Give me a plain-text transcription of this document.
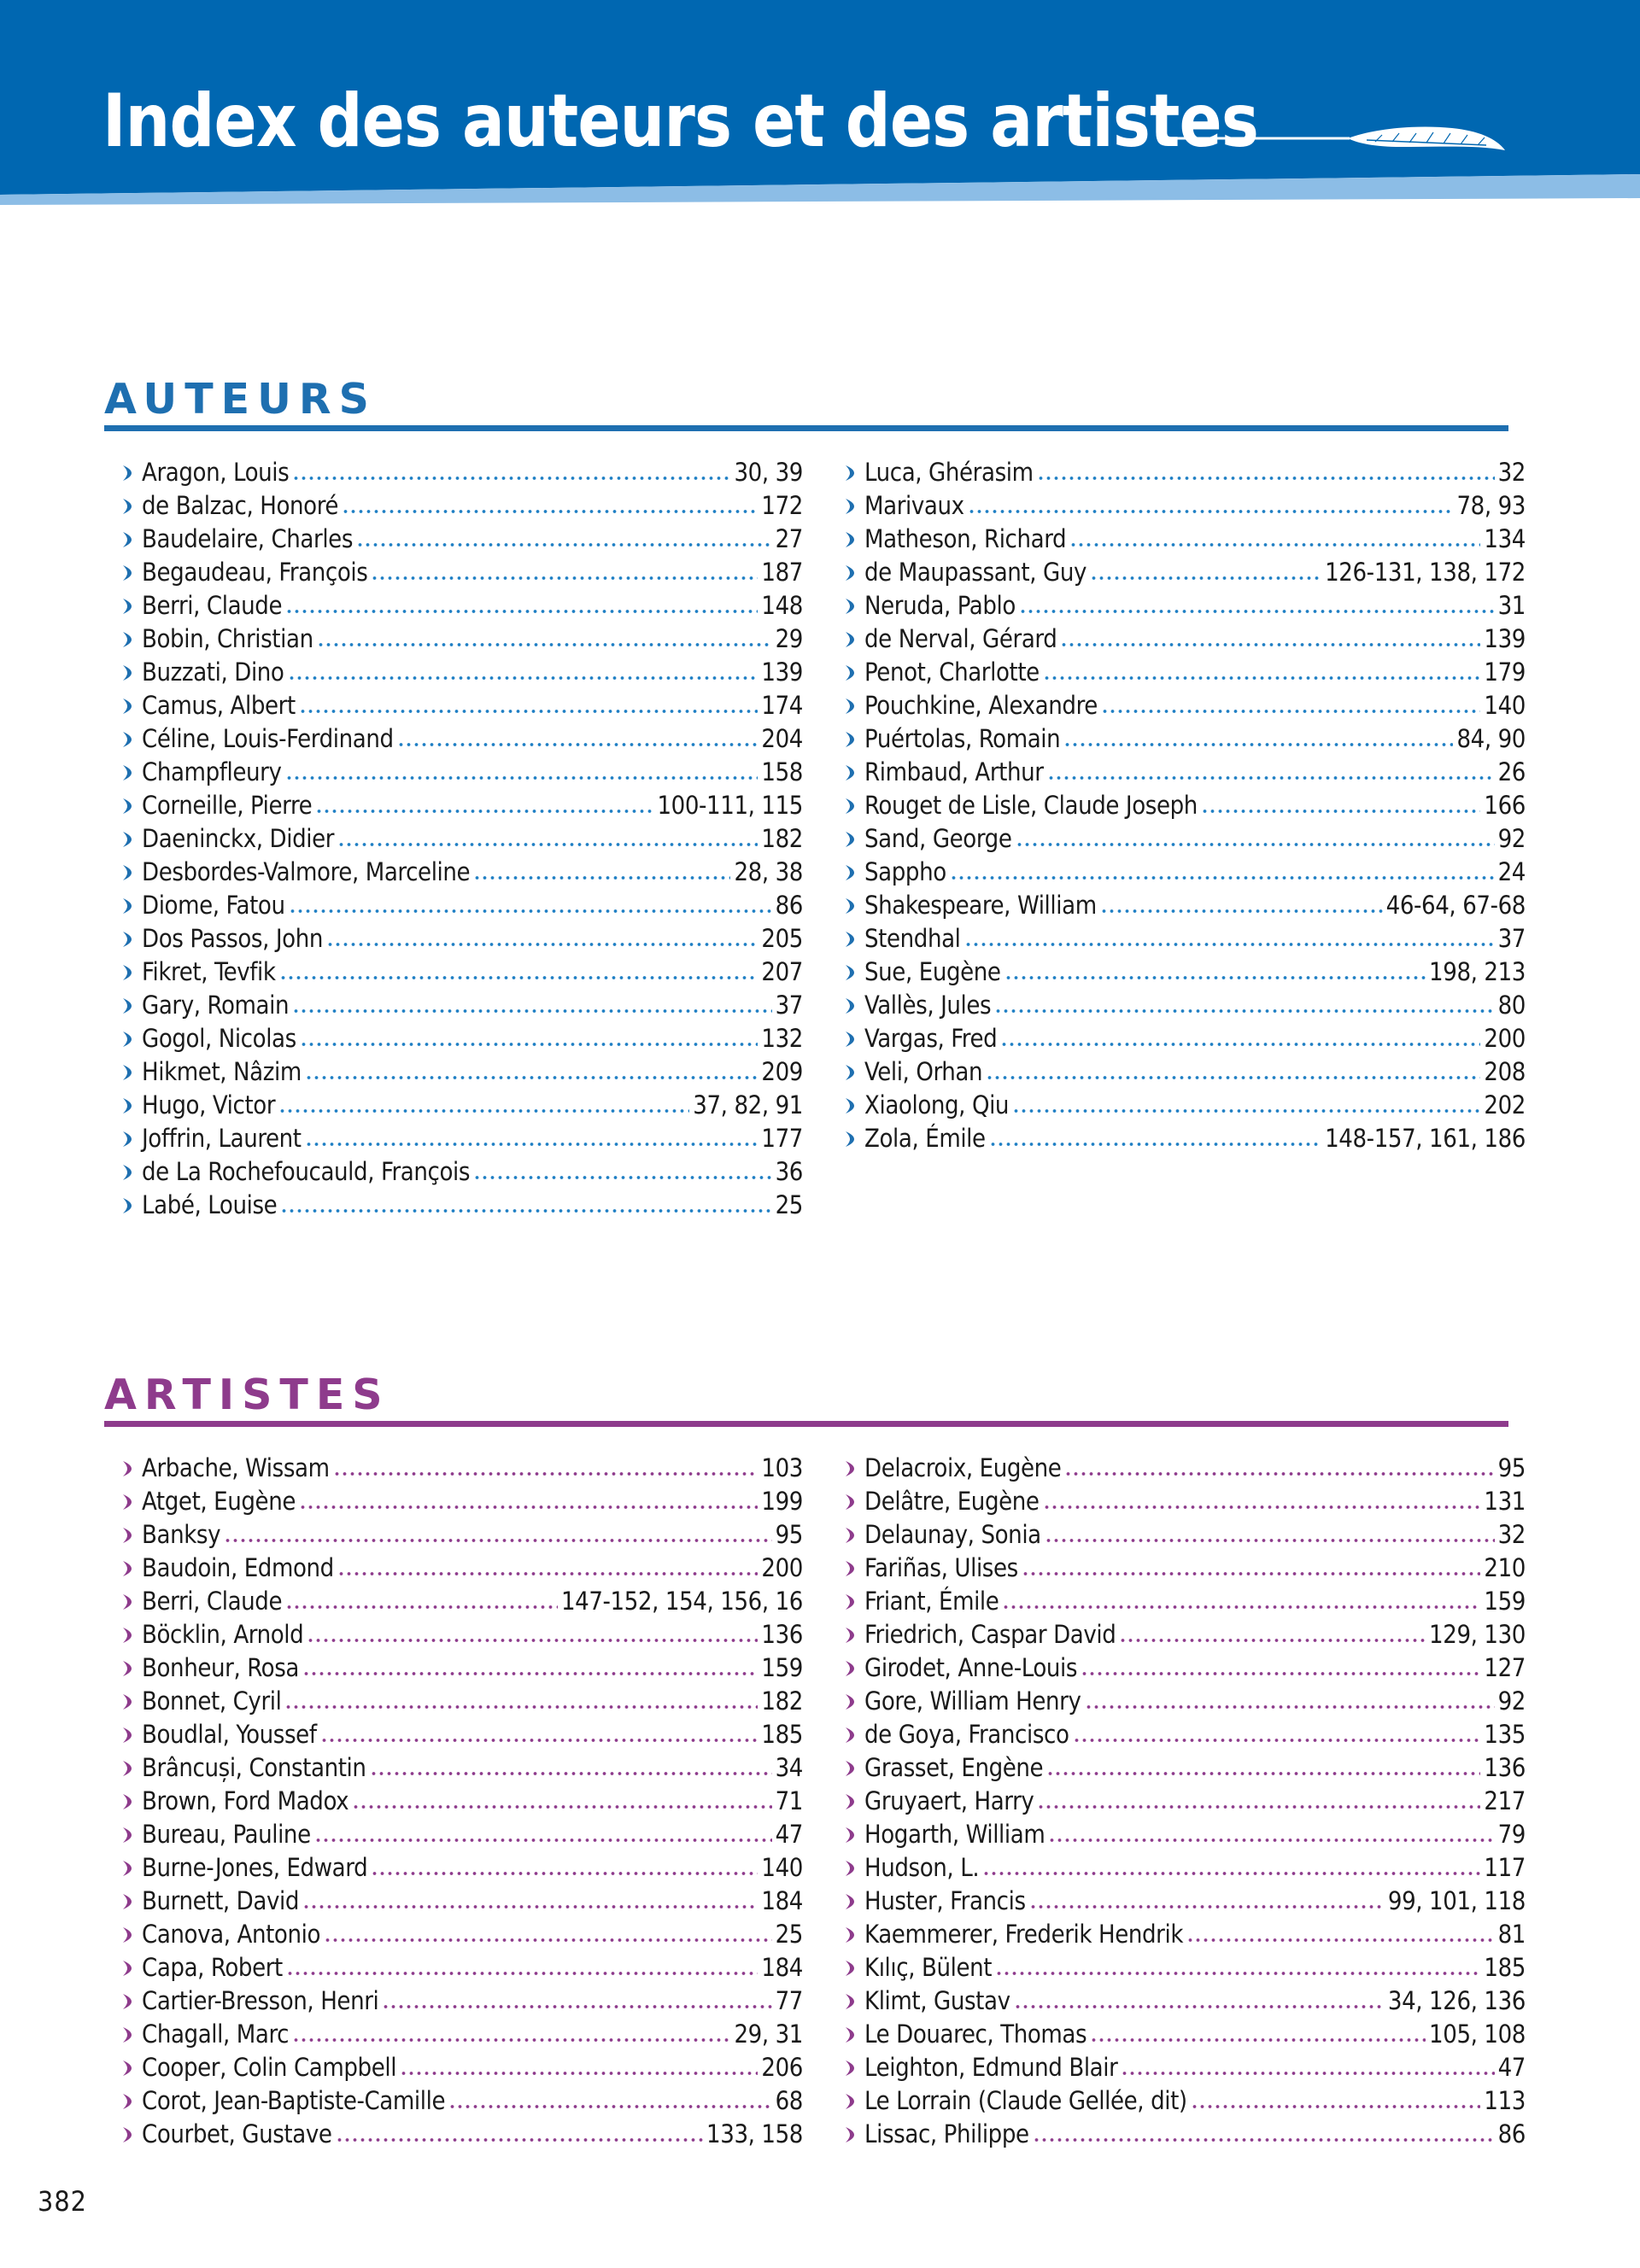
Index des auteurs et des artistes
AUTEURS
Aragon, Louis	30, 39
de Balzac, Honoré	172
Baudelaire, Charles	27
Begaudeau, François	187
Berri, Claude	148
Bobin, Christian	29
Buzzati, Dino	139
Camus, Albert	174
Céline, Louis-Ferdinand	204
Champfleury	158
Corneille, Pierre	100-111, 115
Daeninckx, Didier	182
Desbordes-Valmore, Marceline	28, 38
Diome, Fatou	86
Dos Passos, John	205
Fikret, Tevfik	207
Gary, Romain	37
Gogol, Nicolas	132
Hikmet, Nâzim	209
Hugo, Victor	37, 82, 91
Joffrin, Laurent	177
de La Rochefoucauld, François	36
Labé, Louise	25
Luca, Ghérasim	32
Marivaux	78, 93
Matheson, Richard	134
de Maupassant, Guy	126-131, 138, 172
Neruda, Pablo	31
de Nerval, Gérard	139
Penot, Charlotte	179
Pouchkine, Alexandre	140
Puértolas, Romain	84, 90
Rimbaud, Arthur	26
Rouget de Lisle, Claude Joseph	166
Sand, George	92
Sappho	24
Shakespeare, William	46-64, 67-68
Stendhal	37
Sue, Eugène	198, 213
Vallès, Jules	80
Vargas, Fred	200
Veli, Orhan	208
Xiaolong, Qiu	202
Zola, Émile	148-157, 161, 186
ARTISTES
Arbache, Wissam	103
Atget, Eugène	199
Banksy	95
Baudoin, Edmond	200
Berri, Claude	147-152, 154, 156, 16
Böcklin, Arnold	136
Bonheur, Rosa	159
Bonnet, Cyril	182
Boudlal, Youssef	185
Brâncuși, Constantin	34
Brown, Ford Madox	71
Bureau, Pauline	47
Burne-Jones, Edward	140
Burnett, David	184
Canova, Antonio	25
Capa, Robert	184
Cartier-Bresson, Henri	77
Chagall, Marc	29, 31
Cooper, Colin Campbell	206
Corot, Jean-Baptiste-Camille	68
Courbet, Gustave	133, 158
Delacroix, Eugène	95
Delâtre, Eugène	131
Delaunay, Sonia	32
Fariñas, Ulises	210
Friant, Émile	159
Friedrich, Caspar David	129, 130
Girodet, Anne-Louis	127
Gore, William Henry	92
de Goya, Francisco	135
Grasset, Engène	136
Gruyaert, Harry	217
Hogarth, William	79
Hudson, L.	117
Huster, Francis	99, 101, 118
Kaemmerer, Frederik Hendrik	81
Kılıç, Bülent	185
Klimt, Gustav	34, 126, 136
Le Douarec, Thomas	105, 108
Leighton, Edmund Blair	47
Le Lorrain (Claude Gellée, dit)	113
Lissac, Philippe	86
382
